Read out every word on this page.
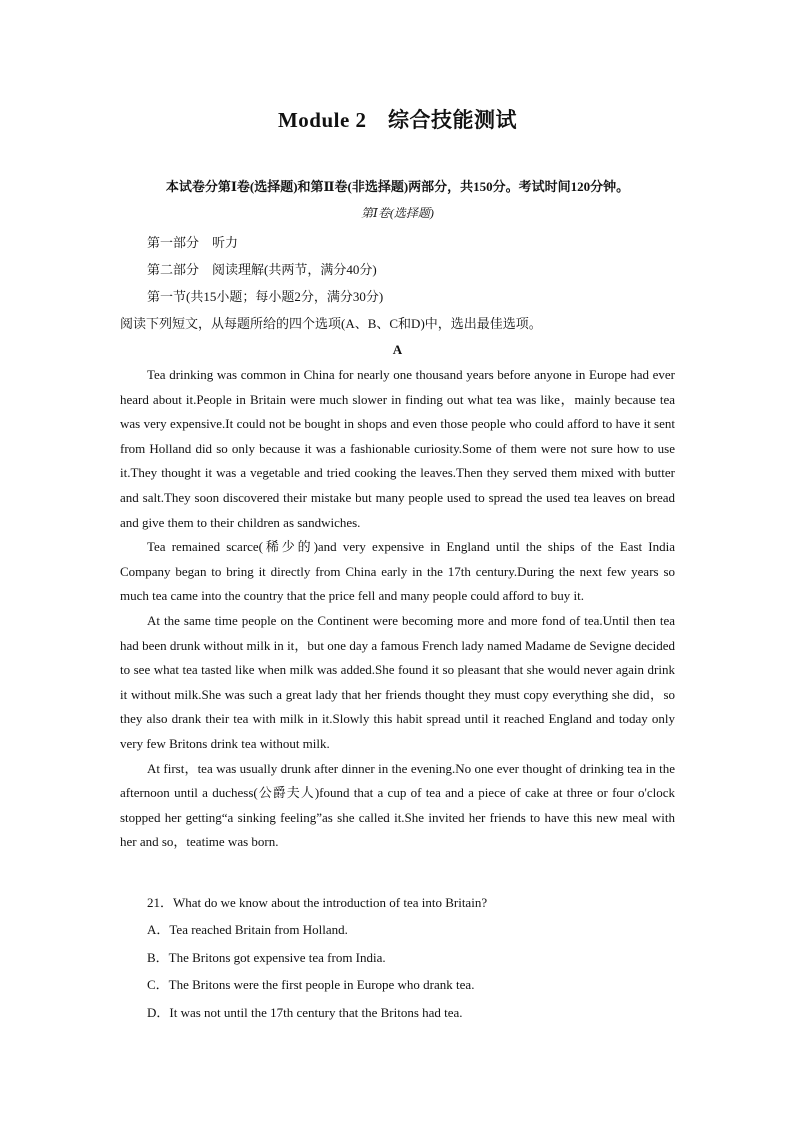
Module 2　综合技能测试
本试卷分第Ⅰ卷(选择题)和第Ⅱ卷(非选择题)两部分，共150分。考试时间120分钟。
第Ⅰ卷(选择题)
第一部分　听力
第二部分　阅读理解(共两节，满分40分)
第一节(共15小题；每小题2分，满分30分)
阅读下列短文，从每题所给的四个选项(A、B、C和D)中，选出最佳选项。
A

Tea drinking was common in China for nearly one thousand years before anyone in Europe had ever heard about it.People in Britain were much slower in finding out what tea was like，mainly because tea was very expensive.It could not be bought in shops and even those people who could afford to have it sent from Holland did so only because it was a fashionable curiosity.Some of them were not sure how to use it.They thought it was a vegetable and tried cooking the leaves.Then they served them mixed with butter and salt.They soon discovered their mistake but many people used to spread the used tea leaves on bread and give them to their children as sandwiches.

Tea remained scarce(稀少的)and very expensive in England until the ships of the East India Company began to bring it directly from China early in the 17th century.During the next few years so much tea came into the country that the price fell and many people could afford to buy it.

At the same time people on the Continent were becoming more and more fond of tea.Until then tea had been drunk without milk in it，but one day a famous French lady named Madame de Sevigne decided to see what tea tasted like when milk was added.She found it so pleasant that she would never again drink it without milk.She was such a great lady that her friends thought they must copy everything she did，so they also drank their tea with milk in it.Slowly this habit spread until it reached England and today only very few Britons drink tea without milk.

At first，tea was usually drunk after dinner in the evening.No one ever thought of drinking tea in the afternoon until a duchess(公爵夫人)found that a cup of tea and a piece of cake at three or four o'clock stopped her getting“a sinking feeling”as she called it.She invited her friends to have this new meal with her and so，teatime was born.

21．What do we know about the introduction of tea into Britain?
A．Tea reached Britain from Holland.
B．The Britons got expensive tea from India.
C．The Britons were the first people in Europe who drank tea.
D．It was not until the 17th century that the Britons had tea.
